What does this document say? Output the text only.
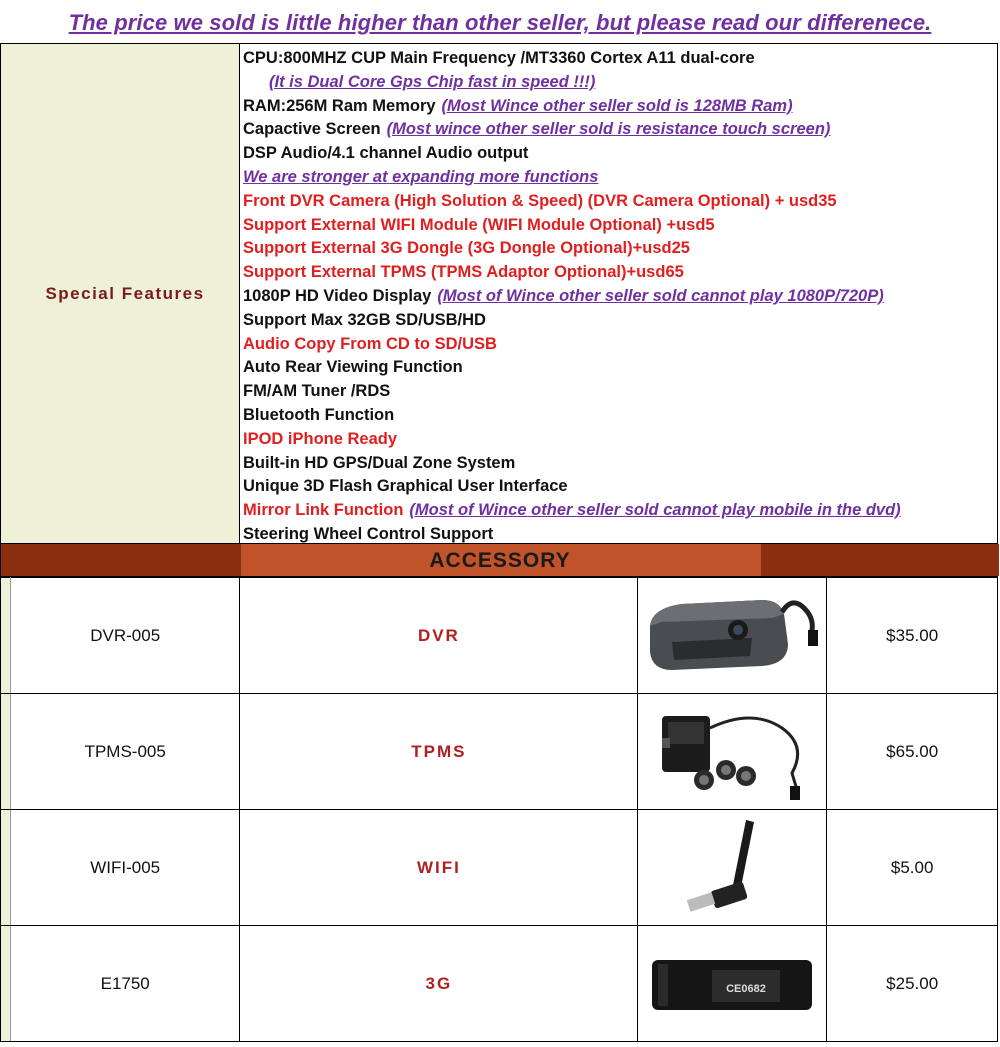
The price we sold is little higher than other seller, but please read our differenece.
Special Features
CPU:800MHZ CUP Main Frequency /MT3360 Cortex A11 dual-core
(It is Dual Core Gps Chip fast in speed !!!)
RAM:256M Ram Memory (Most Wince other seller sold is 128MB Ram)
Capactive Screen (Most wince other seller sold is resistance touch screen)
DSP Audio/4.1 channel Audio output
We are stronger at expanding more functions
Front DVR Camera (High Solution & Speed) (DVR Camera Optional) + usd35
Support External WIFI Module (WIFI Module Optional) +usd5
Support External 3G Dongle (3G Dongle Optional)+usd25
Support External TPMS (TPMS Adaptor Optional)+usd65
1080P HD Video Display (Most of Wince other seller sold cannot play 1080P/720P)
Support Max 32GB SD/USB/HD
Audio Copy From CD to SD/USB
Auto Rear Viewing Function
FM/AM Tuner /RDS
Bluetooth Function
IPOD iPhone Ready
Built-in HD GPS/Dual Zone System
Unique 3D Flash Graphical User Interface
Mirror Link Function (Most of Wince other seller sold cannot play mobile in the dvd)
Steering Wheel Control Support
ACCESSORY
	DVR-005	DVR		$35.00
	TPMS-005	TPMS		$65.00
	WIFI-005	WIFI		$5.00
	E1750	3G	CE0682	$25.00
